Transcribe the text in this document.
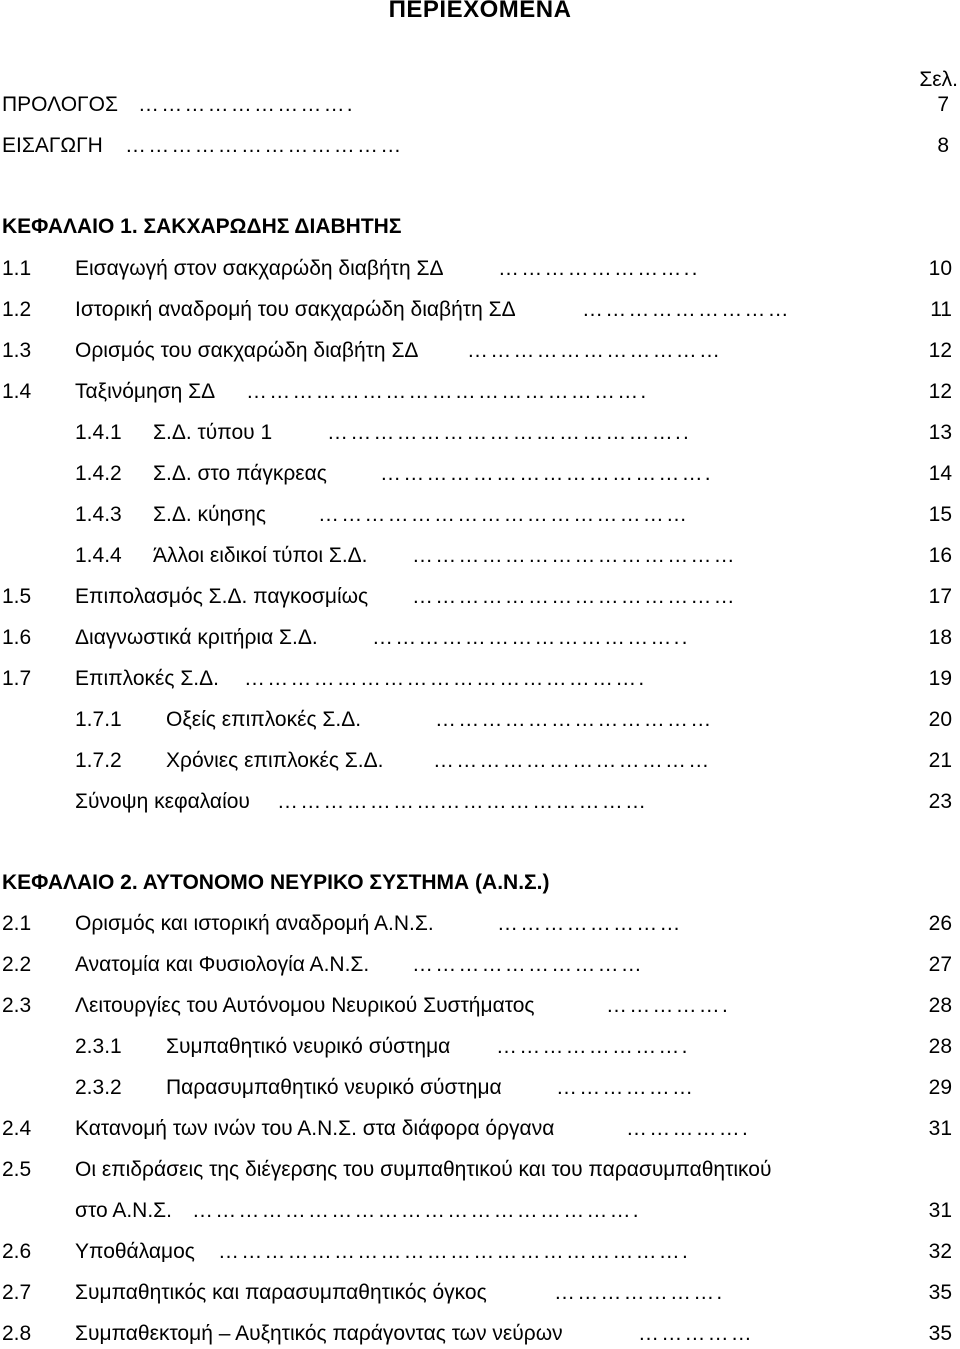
ΠΕΡΙΕΧΟΜΕΝΑ
Σελ.
ΠΡΟΛΟΓΟΣ ……………………….	7
ΕΙΣΑΓΩΓΗ ………………………………	8
ΚΕΦΑΛΑΙΟ 1. ΣΑΚΧΑΡΩΔΗΣ ΔΙΑΒΗΤΗΣ
1.1 Εισαγωγή στον σακχαρώδη διαβήτη ΣΔ	……………………..	10
1.2 Ιστορική αναδρομή του σακχαρώδη διαβήτη ΣΔ	………………………	11
1.3 Ορισμός του σακχαρώδη διαβήτη ΣΔ ……………………………	12
1.4 Ταξινόμηση ΣΔ …………………………………………….	12
1.4.1 Σ.Δ. τύπου 1	………………………………………..	13
1.4.2 Σ.Δ. στο πάγκρεας	…………………………………….	14
1.4.3 Σ.Δ. κύησης …………………………………………	15
1.4.4 Άλλοι ειδικοί τύποι Σ.Δ. ……………………………………	16
1.5 Επιπολασμός Σ.Δ. παγκοσμίως ……………………………………	17
1.6 Διαγνωστικά κριτήρια Σ.Δ.	…………………………………..	18
1.7 Επιπλοκές Σ.Δ. …………………………………………….	19
1.7.1 Οξείς επιπλοκές Σ.Δ.	………………………………	20
1.7.2 Χρόνιες επιπλοκές Σ.Δ. ………………………………	21
Σύνοψη κεφαλαίου …………………………………………	23
ΚΕΦΑΛΑΙΟ 2. ΑΥΤΟΝΟΜΟ ΝΕΥΡΙΚΟ ΣΥΣΤΗΜΑ (Α.Ν.Σ.)
2.1 Ορισμός και ιστορική αναδρομή Α.Ν.Σ.	……………………	26
2.2 Ανατομία και Φυσιολογία Α.Ν.Σ. …………………………	27
2.3 Λειτουργίες του Αυτόνομου Νευρικού Συστήματος	…………….	28
2.3.1 Συμπαθητικό νευρικό σύστημα …………………….	28
2.3.2 Παρασυμπαθητικό νευρικό σύστημα	………………	29
2.4 Κατανομή των ινών του Α.Ν.Σ. στα διάφορα όργανα	…………….	31
2.5 Οι επιδράσεις της διέγερσης του συμπαθητικού και του παρασυμπαθητικού
στο Α.Ν.Σ. ………………………………………………….	31
2.6 Υποθάλαμος …………………………………………………….	32
2.7 Συμπαθητικός και παρασυμπαθητικός όγκος	………………….	35
2.8 Συμπαθεκτομή – Αυξητικός παράγοντας των νεύρων	……………	35
